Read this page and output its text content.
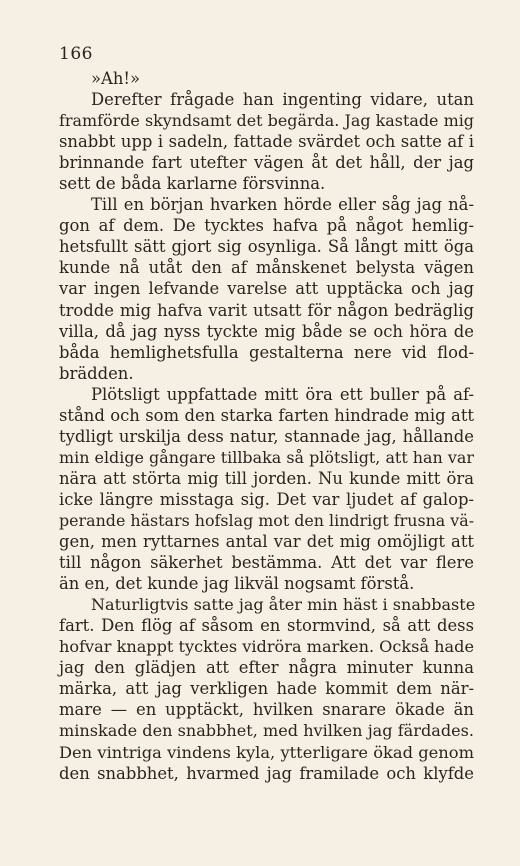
166
»Ah!»
Derefter frågade han ingenting vidare, utan
framförde skyndsamt det begärda. Jag kastade mig
snabbt upp i sadeln, fattade svärdet och satte af i
brinnande fart utefter vägen åt det håll, der jag
sett de båda karlarne försvinna.
Till en början hvarken hörde eller såg jag nå-
gon af dem. De tycktes hafva på något hemlig-
hetsfullt sätt gjort sig osynliga. Så långt mitt öga
kunde nå utåt den af månskenet belysta vägen
var ingen lefvande varelse att upptäcka och jag
trodde mig hafva varit utsatt för någon bedräglig
villa, då jag nyss tyckte mig både se och höra de
båda hemlighetsfulla gestalterna nere vid flod-
brädden.
Plötsligt uppfattade mitt öra ett buller på af-
stånd och som den starka farten hindrade mig att
tydligt urskilja dess natur, stannade jag, hållande
min eldige gångare tillbaka så plötsligt, att han var
nära att störta mig till jorden. Nu kunde mitt öra
icke längre misstaga sig. Det var ljudet af galop-
perande hästars hofslag mot den lindrigt frusna vä-
gen, men ryttarnes antal var det mig omöjligt att
till någon säkerhet bestämma. Att det var flere
än en, det kunde jag likväl nogsamt förstå.
Naturligtvis satte jag åter min häst i snabbaste
fart. Den flög af såsom en stormvind, så att dess
hofvar knappt tycktes vidröra marken. Också hade
jag den glädjen att efter några minuter kunna
märka, att jag verkligen hade kommit dem när-
mare — en upptäckt, hvilken snarare ökade än
minskade den snabbhet, med hvilken jag färdades.
Den vintriga vindens kyla, ytterligare ökad genom
den snabbhet, hvarmed jag framilade och klyfde
